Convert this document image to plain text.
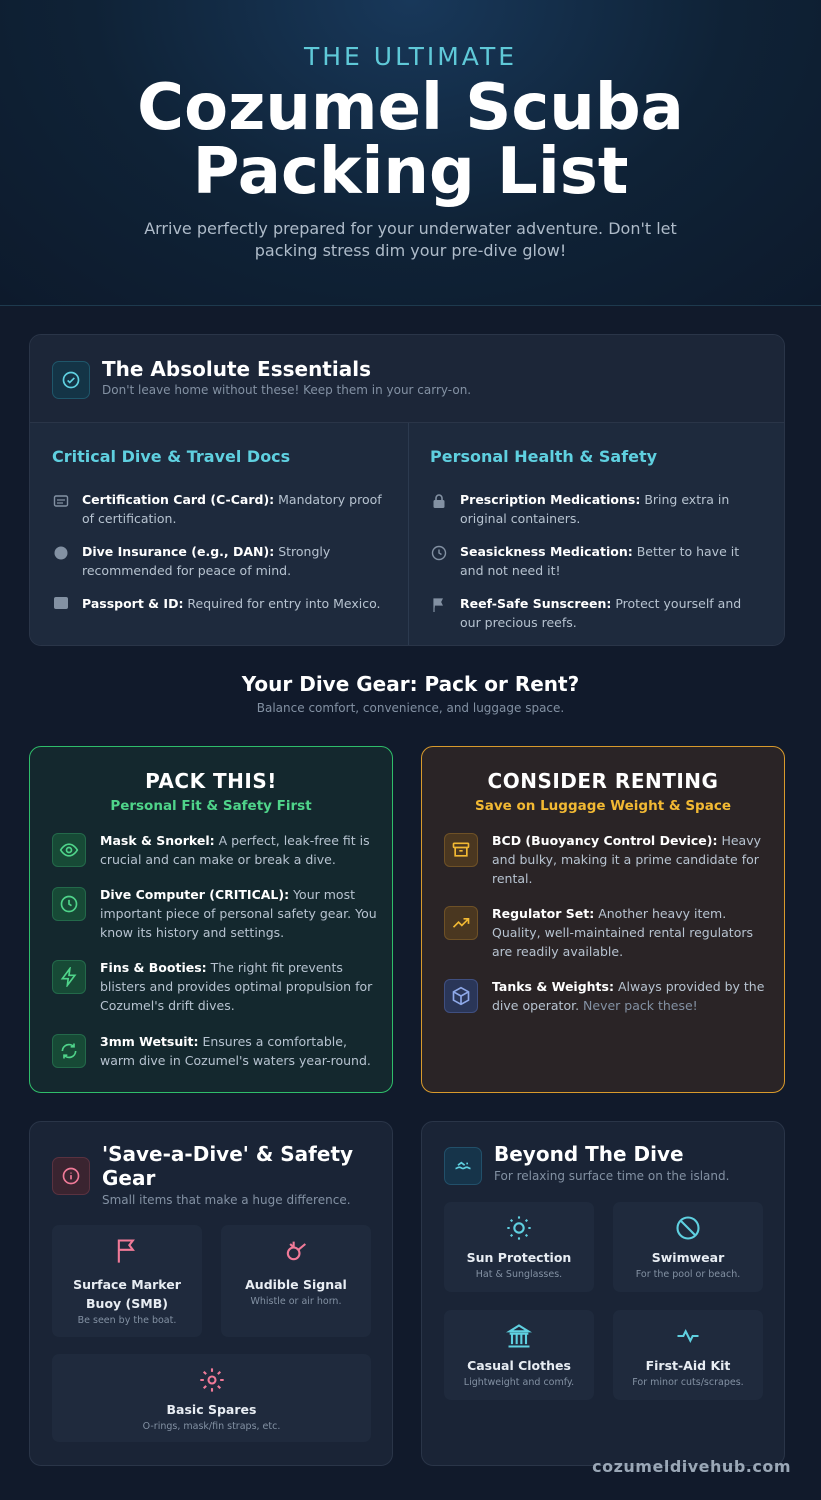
THE ULTIMATE
Cozumel Scuba
Packing List
Arrive perfectly prepared for your underwater adventure. Don't let packing stress dim your pre-dive glow!
The Absolute Essentials
Don't leave home without these! Keep them in your carry-on.
Critical Dive & Travel Docs
Certification Card (C-Card): Mandatory proof of certification.
Dive Insurance (e.g., DAN): Strongly recommended for peace of mind.
Passport & ID: Required for entry into Mexico.
Personal Health & Safety
Prescription Medications: Bring extra in original containers.
Seasickness Medication: Better to have it and not need it!
Reef-Safe Sunscreen: Protect yourself and our precious reefs.
Your Dive Gear: Pack or Rent?
Balance comfort, convenience, and luggage space.
PACK THIS!
Personal Fit & Safety First
Mask & Snorkel: A perfect, leak-free fit is crucial and can make or break a dive.
Dive Computer (CRITICAL): Your most important piece of personal safety gear. You know its history and settings.
Fins & Booties: The right fit prevents blisters and provides optimal propulsion for Cozumel's drift dives.
3mm Wetsuit: Ensures a comfortable, warm dive in Cozumel's waters year-round.
CONSIDER RENTING
Save on Luggage Weight & Space
BCD (Buoyancy Control Device): Heavy and bulky, making it a prime candidate for rental.
Regulator Set: Another heavy item. Quality, well-maintained rental regulators are readily available.
Tanks & Weights: Always provided by the dive operator. Never pack these!
'Save-a-Dive' & Safety
Gear
Small items that make a huge difference.
Surface Marker Buoy (SMB)
Be seen by the boat.
Audible Signal
Whistle or air horn.
Basic Spares
O-rings, mask/fin straps, etc.
Beyond The Dive
For relaxing surface time on the island.
Sun Protection
Hat & Sunglasses.
Swimwear
For the pool or beach.
Casual Clothes
Lightweight and comfy.
First-Aid Kit
For minor cuts/scrapes.
cozumeldivehub.com
